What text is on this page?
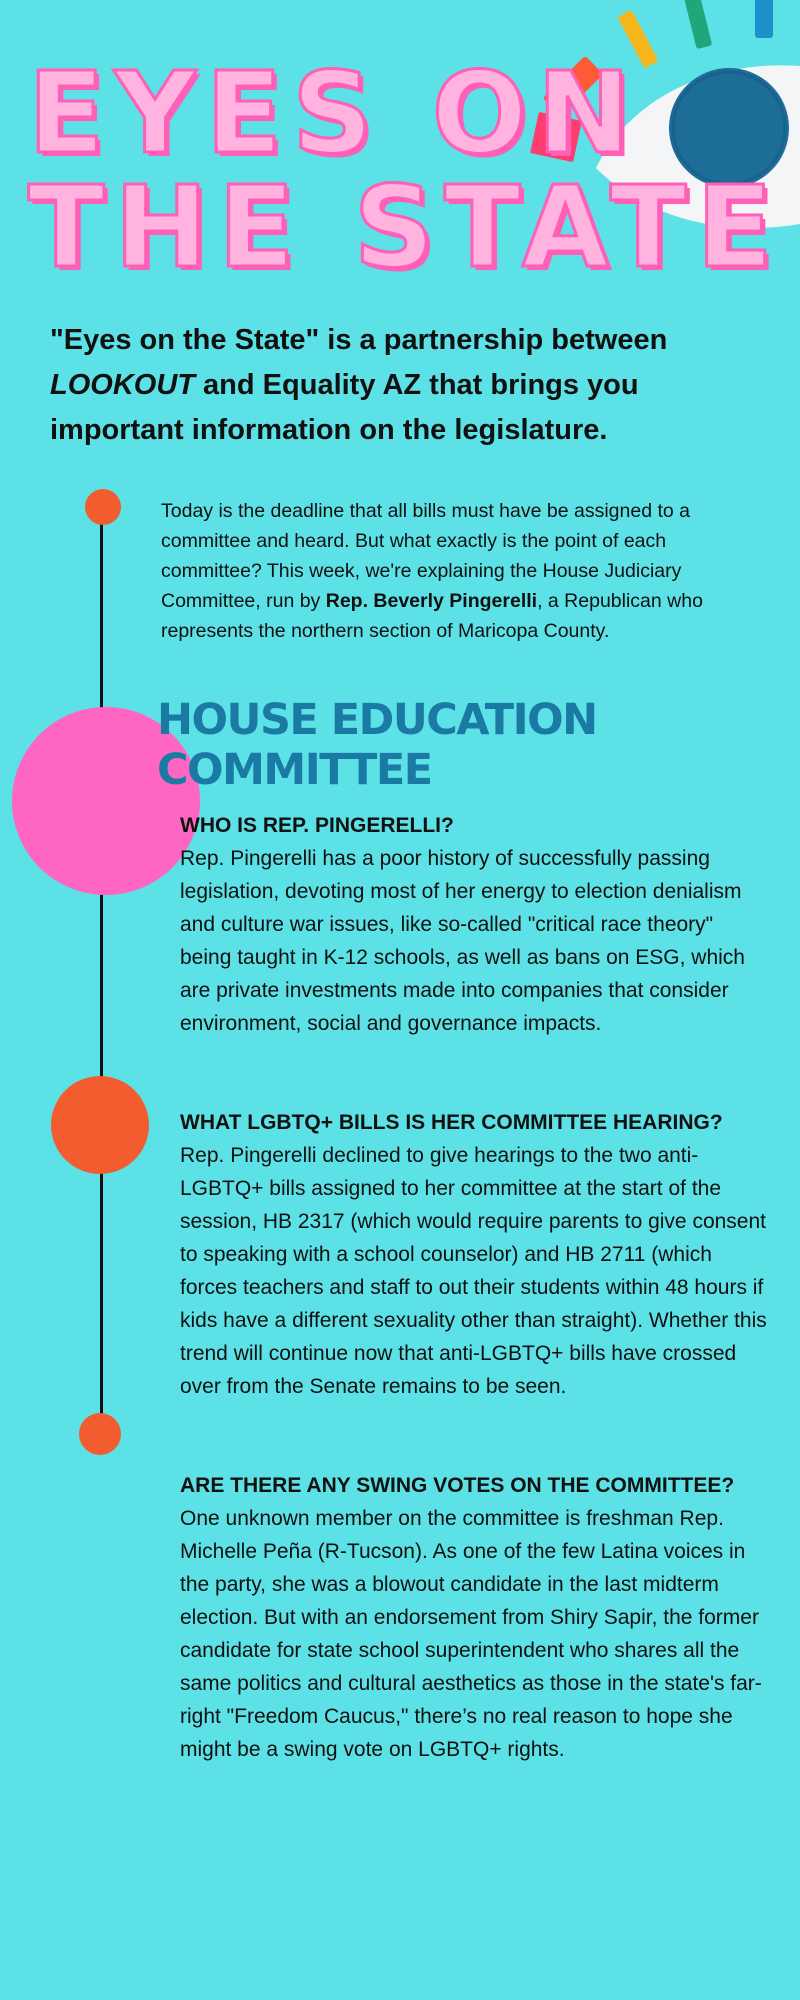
EYES ON
THE STATE
"Eyes on the State" is a partnership between LOOKOUT and Equality AZ that brings you important information on the legislature.
Today is the deadline that all bills must have be assigned to a committee and heard. But what exactly is the point of each committee? This week, we're explaining the House Judiciary Committee, run by Rep. Beverly Pingerelli, a Republican who represents the northern section of Maricopa County.
HOUSE EDUCATION COMMITTEE
WHO IS REP. PINGERELLI?

Rep. Pingerelli has a poor history of successfully passing legislation, devoting most of her energy to election denialism and culture war issues, like so-called "critical race theory" being taught in K-12 schools, as well as bans on ESG, which are private investments made into companies that consider environment, social and governance impacts.

WHAT LGBTQ+ BILLS IS HER COMMITTEE HEARING?

Rep. Pingerelli declined to give hearings to the two anti-LGBTQ+ bills assigned to her committee at the start of the session, HB 2317 (which would require parents to give consent to speaking with a school counselor) and HB 2711 (which forces teachers and staff to out their students within 48 hours if kids have a different sexuality other than straight). Whether this trend will continue now that anti-LGBTQ+ bills have crossed over from the Senate remains to be seen.

ARE THERE ANY SWING VOTES ON THE COMMITTEE?

One unknown member on the committee is freshman Rep. Michelle Peña (R-Tucson). As one of the few Latina voices in the party, she was a blowout candidate in the last midterm election. But with an endorsement from Shiry Sapir, the former candidate for state school superintendent who shares all the same politics and cultural aesthetics as those in the state's far-right "Freedom Caucus," there’s no real reason to hope she might be a swing vote on LGBTQ+ rights.
